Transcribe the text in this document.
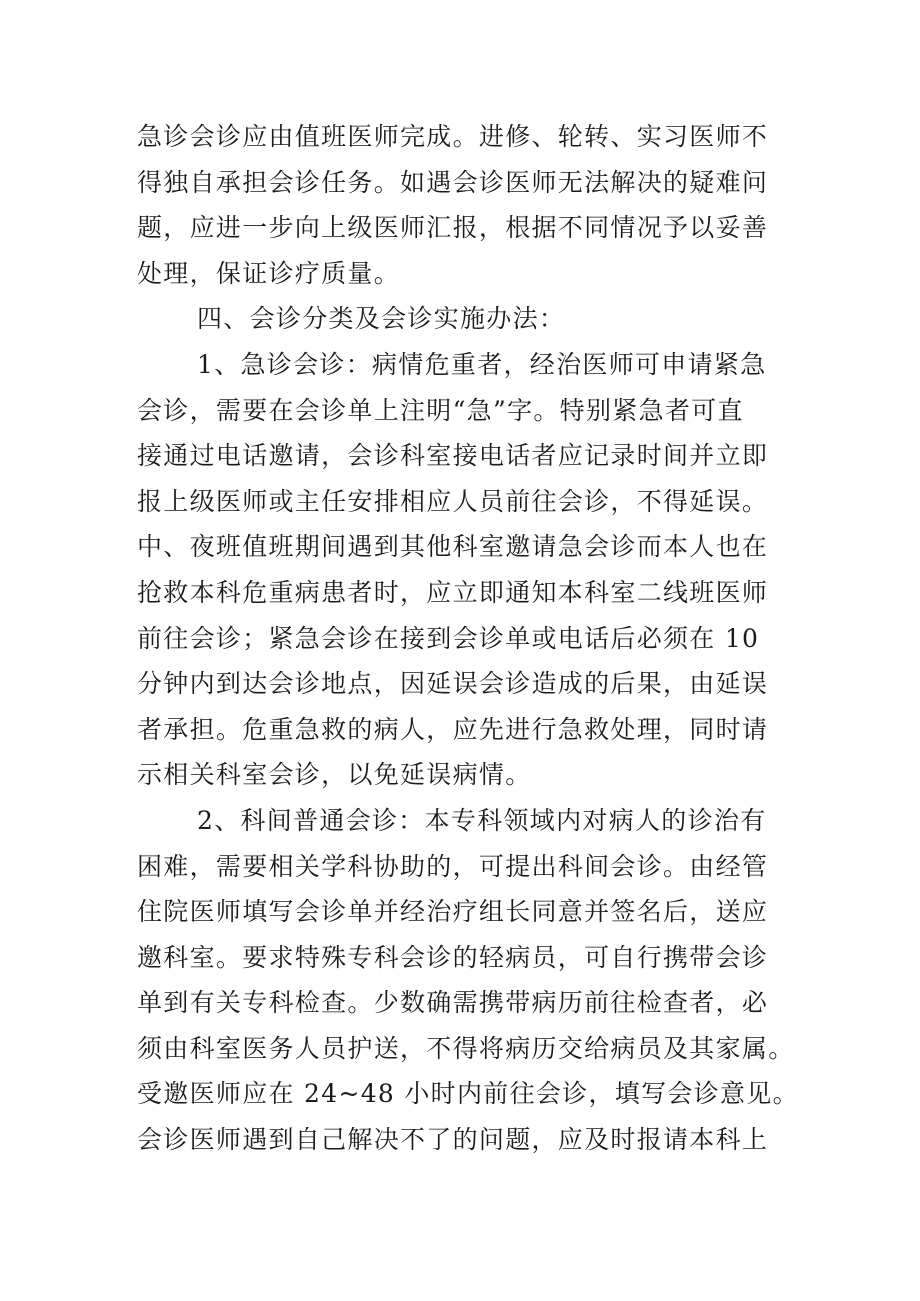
急诊会诊应由值班医师完成。进修、轮转、实习医师不
得独自承担会诊任务。如遇会诊医师无法解决的疑难问
题，应进一步向上级医师汇报，根据不同情况予以妥善
处理，保证诊疗质量。
四、会诊分类及会诊实施办法：
1、急诊会诊：病情危重者，经治医师可申请紧急
会诊，需要在会诊单上注明“急”字。特别紧急者可直
接通过电话邀请，会诊科室接电话者应记录时间并立即
报上级医师或主任安排相应人员前往会诊，不得延误。
中、夜班值班期间遇到其他科室邀请急会诊而本人也在
抢救本科危重病患者时，应立即通知本科室二线班医师
前往会诊；紧急会诊在接到会诊单或电话后必须在 10
分钟内到达会诊地点，因延误会诊造成的后果，由延误
者承担。危重急救的病人，应先进行急救处理，同时请
示相关科室会诊，以免延误病情。
2、科间普通会诊：本专科领域内对病人的诊治有
困难，需要相关学科协助的，可提出科间会诊。由经管
住院医师填写会诊单并经治疗组长同意并签名后，送应
邀科室。要求特殊专科会诊的轻病员，可自行携带会诊
单到有关专科检查。少数确需携带病历前往检查者，必
须由科室医务人员护送，不得将病历交给病员及其家属。
受邀医师应在 24~48 小时内前往会诊，填写会诊意见。
会诊医师遇到自己解决不了的问题，应及时报请本科上
